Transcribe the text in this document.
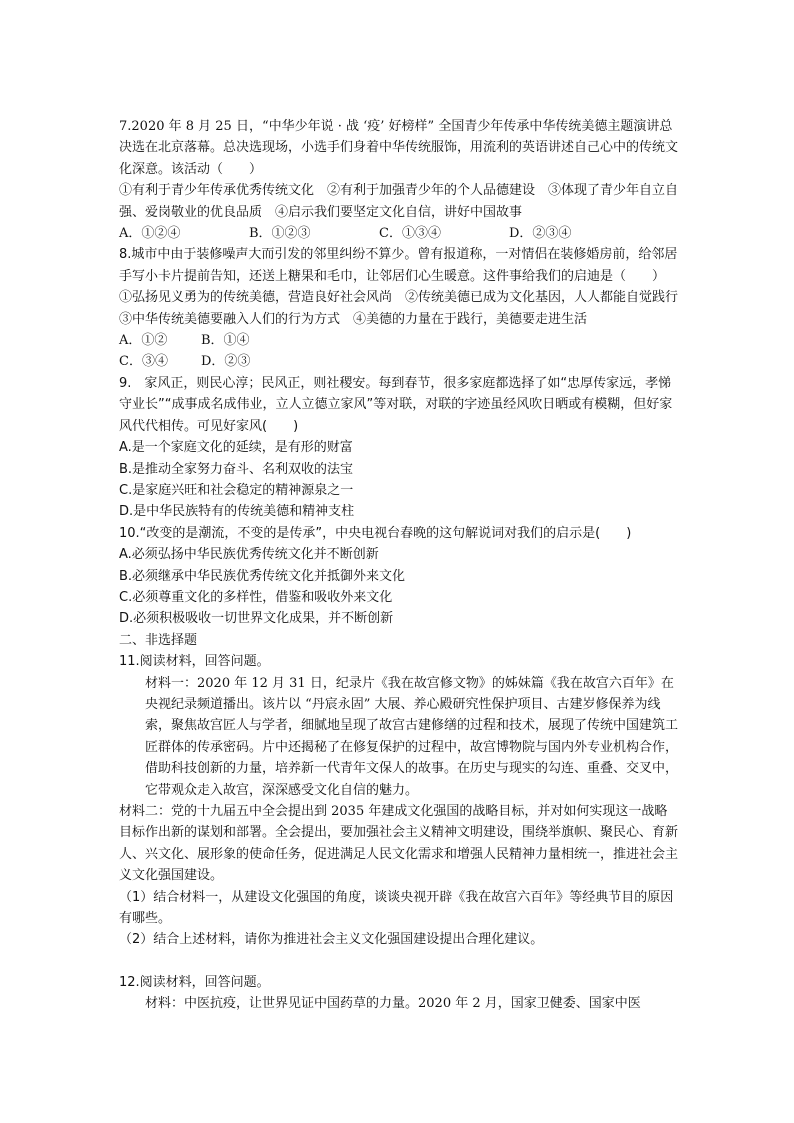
7.2020 年 8 月 25 日，“中华少年说 · 战 ‘疫’ 好榜样” 全国青少年传承中华传统美德主题演讲总决选在北京落幕。总决选现场，小选手们身着中华传统服饰，用流利的英语讲述自己心中的传统文化深意。该活动（　　）

①有利于青少年传承优秀传统文化　②有利于加强青少年的个人品德建设　③体现了青少年自立自强、爱岗敬业的优良品质　④启示我们要坚定文化自信，讲好中国故事

A．①②④	B．①②③	C．①③④	D．②③④

8.城市中由于装修噪声大而引发的邻里纠纷不算少。曾有报道称，一对情侣在装修婚房前，给邻居手写小卡片提前告知，还送上糖果和毛巾，让邻居们心生暖意。这件事给我们的启迪是（　　）

①弘扬见义勇为的传统美德，营造良好社会风尚　②传统美德已成为文化基因，人人都能自觉践行　③中华传统美德要融入人们的行为方式　④美德的力量在于践行，美德要走进生活

A．①②	B．①④

C．③④	D．②③

9.　家风正，则民心淳；民风正，则社稷安。每到春节，很多家庭都选择了如“忠厚传家远，孝悌守业长”“成事成名成伟业，立人立德立家风”等对联，对联的字迹虽经风吹日晒或有模糊，但好家风代代相传。可见好家风(　　)

A.是一个家庭文化的延续，是有形的财富

B.是推动全家努力奋斗、名利双收的法宝

C.是家庭兴旺和社会稳定的精神源泉之一

D.是中华民族特有的传统美德和精神支柱

10.“改变的是潮流，不变的是传承”，中央电视台春晚的这句解说词对我们的启示是(　　)

A.必须弘扬中华民族优秀传统文化并不断创新

B.必须继承中华民族优秀传统文化并抵御外来文化

C.必须尊重文化的多样性，借鉴和吸收外来文化

D.必须积极吸收一切世界文化成果，并不断创新

二、非选择题

11.阅读材料，回答问题。

材料一：2020 年 12 月 31 日，纪录片《我在故宫修文物》的姊妹篇《我在故宫六百年》在央视纪录频道播出。该片以 “丹宸永固” 大展、养心殿研究性保护项目、古建岁修保养为线索，聚焦故宫匠人与学者，细腻地呈现了故宫古建修缮的过程和技术，展现了传统中国建筑工匠群体的传承密码。片中还揭秘了在修复保护的过程中，故宫博物院与国内外专业机构合作，借助科技创新的力量，培养新一代青年文保人的故事。在历史与现实的勾连、重叠、交叉中，它带观众走入故宫，深深感受文化自信的魅力。

材料二：党的十九届五中全会提出到 2035 年建成文化强国的战略目标，并对如何实现这一战略目标作出新的谋划和部署。全会提出，要加强社会主义精神文明建设，围绕举旗帜、聚民心、育新人、兴文化、展形象的使命任务，促进满足人民文化需求和增强人民精神力量相统一，推进社会主义文化强国建设。

（1）结合材料一，从建设文化强国的角度，谈谈央视开辟《我在故宫六百年》等经典节目的原因有哪些。

（2）结合上述材料，请你为推进社会主义文化强国建设提出合理化建议。

12.阅读材料，回答问题。

材料：中医抗疫，让世界见证中国药草的力量。2020 年 2 月，国家卫健委、国家中医
